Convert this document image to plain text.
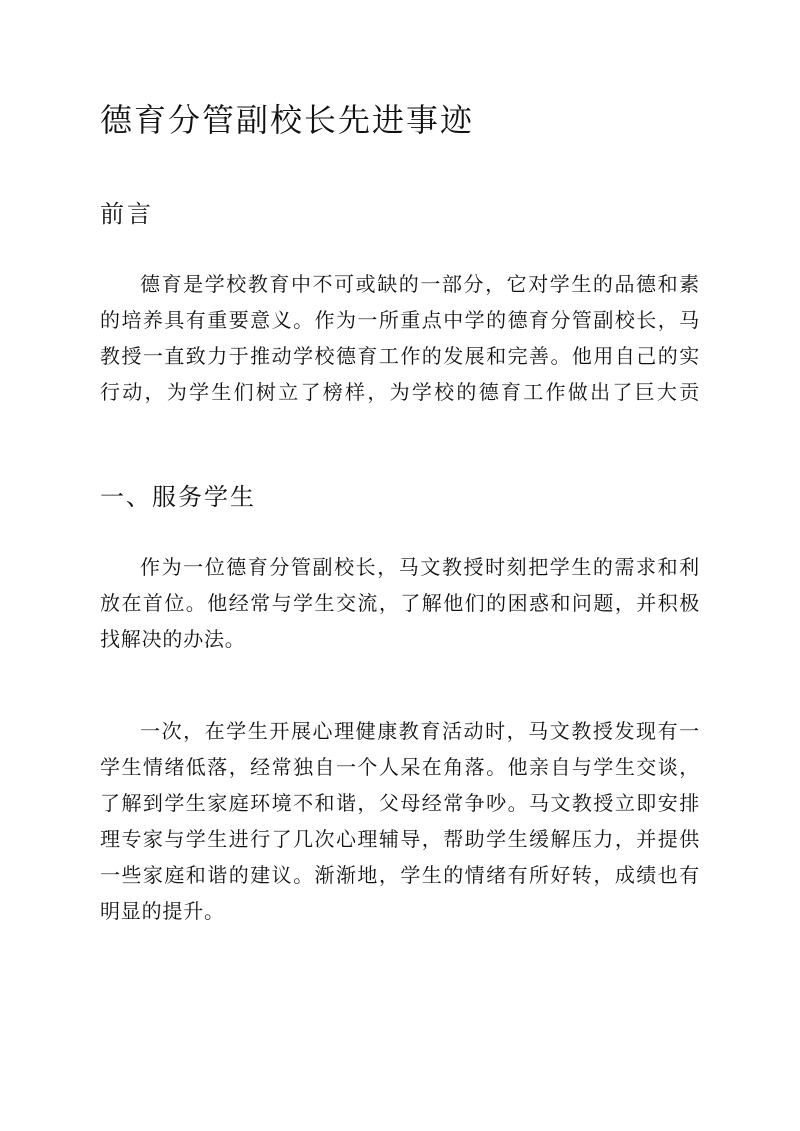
德育分管副校长先进事迹
前言

德育是学校教育中不可或缺的一部分，它对学生的品德和素
的培养具有重要意义。作为一所重点中学的德育分管副校长，马
教授一直致力于推动学校德育工作的发展和完善。他用自己的实
行动，为学生们树立了榜样，为学校的德育工作做出了巨大贡

一、服务学生

作为一位德育分管副校长，马文教授时刻把学生的需求和利
放在首位。他经常与学生交流，了解他们的困惑和问题，并积极
找解决的办法。

一次，在学生开展心理健康教育活动时，马文教授发现有一
学生情绪低落，经常独自一个人呆在角落。他亲自与学生交谈，
了解到学生家庭环境不和谐，父母经常争吵。马文教授立即安排
理专家与学生进行了几次心理辅导，帮助学生缓解压力，并提供
一些家庭和谐的建议。渐渐地，学生的情绪有所好转，成绩也有
明显的提升。
